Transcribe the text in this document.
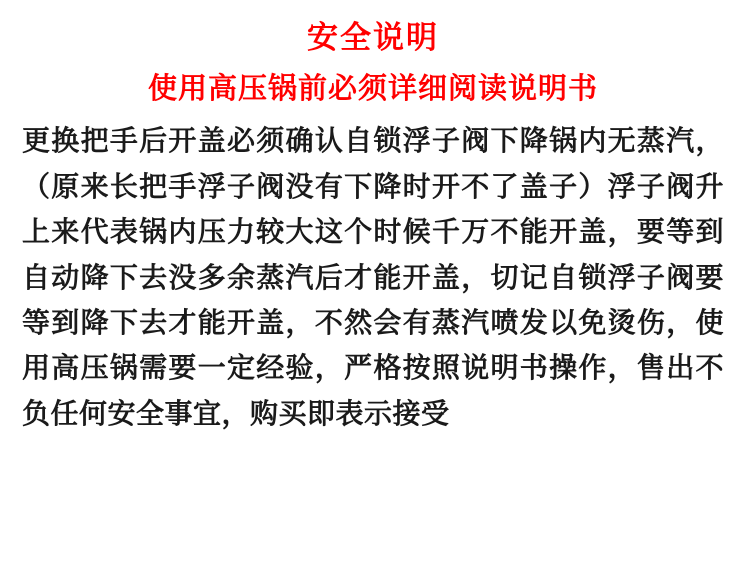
安全说明
使用高压锅前必须详细阅读说明书
更换把手后开盖必须确认自锁浮子阀下降锅内无蒸汽，（原来长把手浮子阀没有下降时开不了盖子）浮子阀升上来代表锅内压力较大这个时候千万不能开盖，要等到自动降下去没多余蒸汽后才能开盖，切记自锁浮子阀要等到降下去才能开盖，不然会有蒸汽喷发以免烫伤，使用高压锅需要一定经验，严格按照说明书操作，售出不负任何安全事宜，购买即表示接受
